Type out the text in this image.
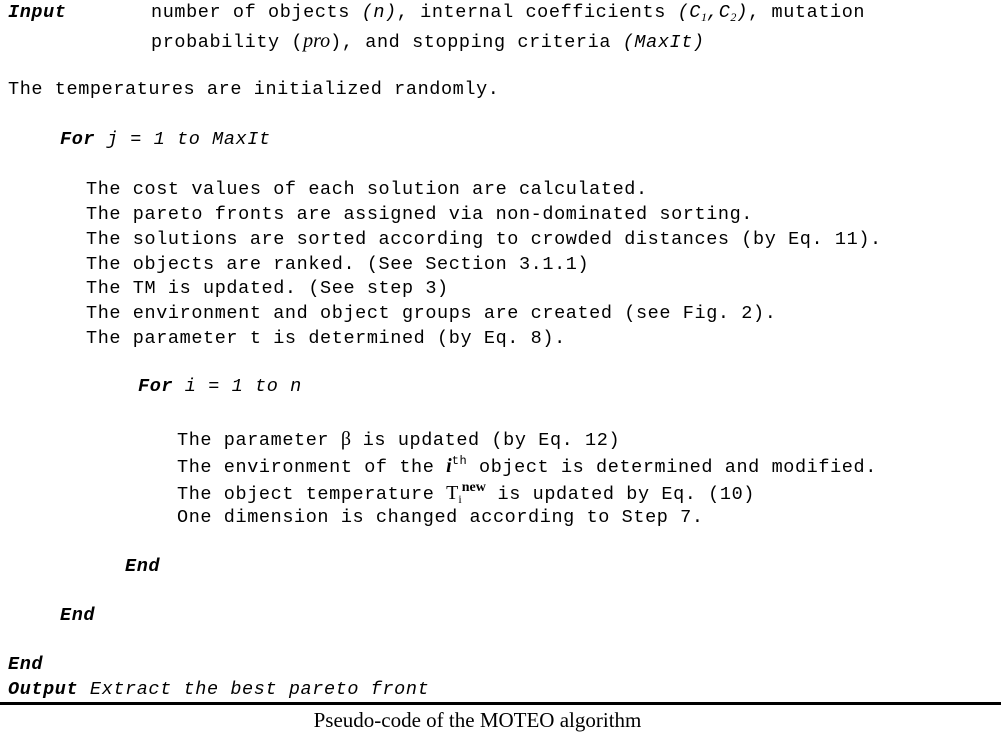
Input	number of objects (n), internal coefficients $(C_1,C_2)$, mutation
probability (pro), and stopping criteria (MaxIt)
The temperatures are initialized randomly.
For j = 1 to MaxIt
The cost values of each solution are calculated.
The pareto fronts are assigned via non-dominated sorting.
The solutions are sorted according to crowded distances (by Eq. 11).
The objects are ranked. (See Section 3.1.1)
The TM is updated. (See step 3)
The environment and object groups are created (see Fig. 2).
The parameter t is determined (by Eq. 8).
For i = 1 to n
The parameter β is updated (by Eq. 12)
The environment of the $i^{th}$ object is determined and modified.
The object temperature $T_i^{new}$ is updated by Eq. (10)
One dimension is changed according to Step 7.
End
End
End
Output Extract the best pareto front
Pseudo-code of the MOTEO algorithm
